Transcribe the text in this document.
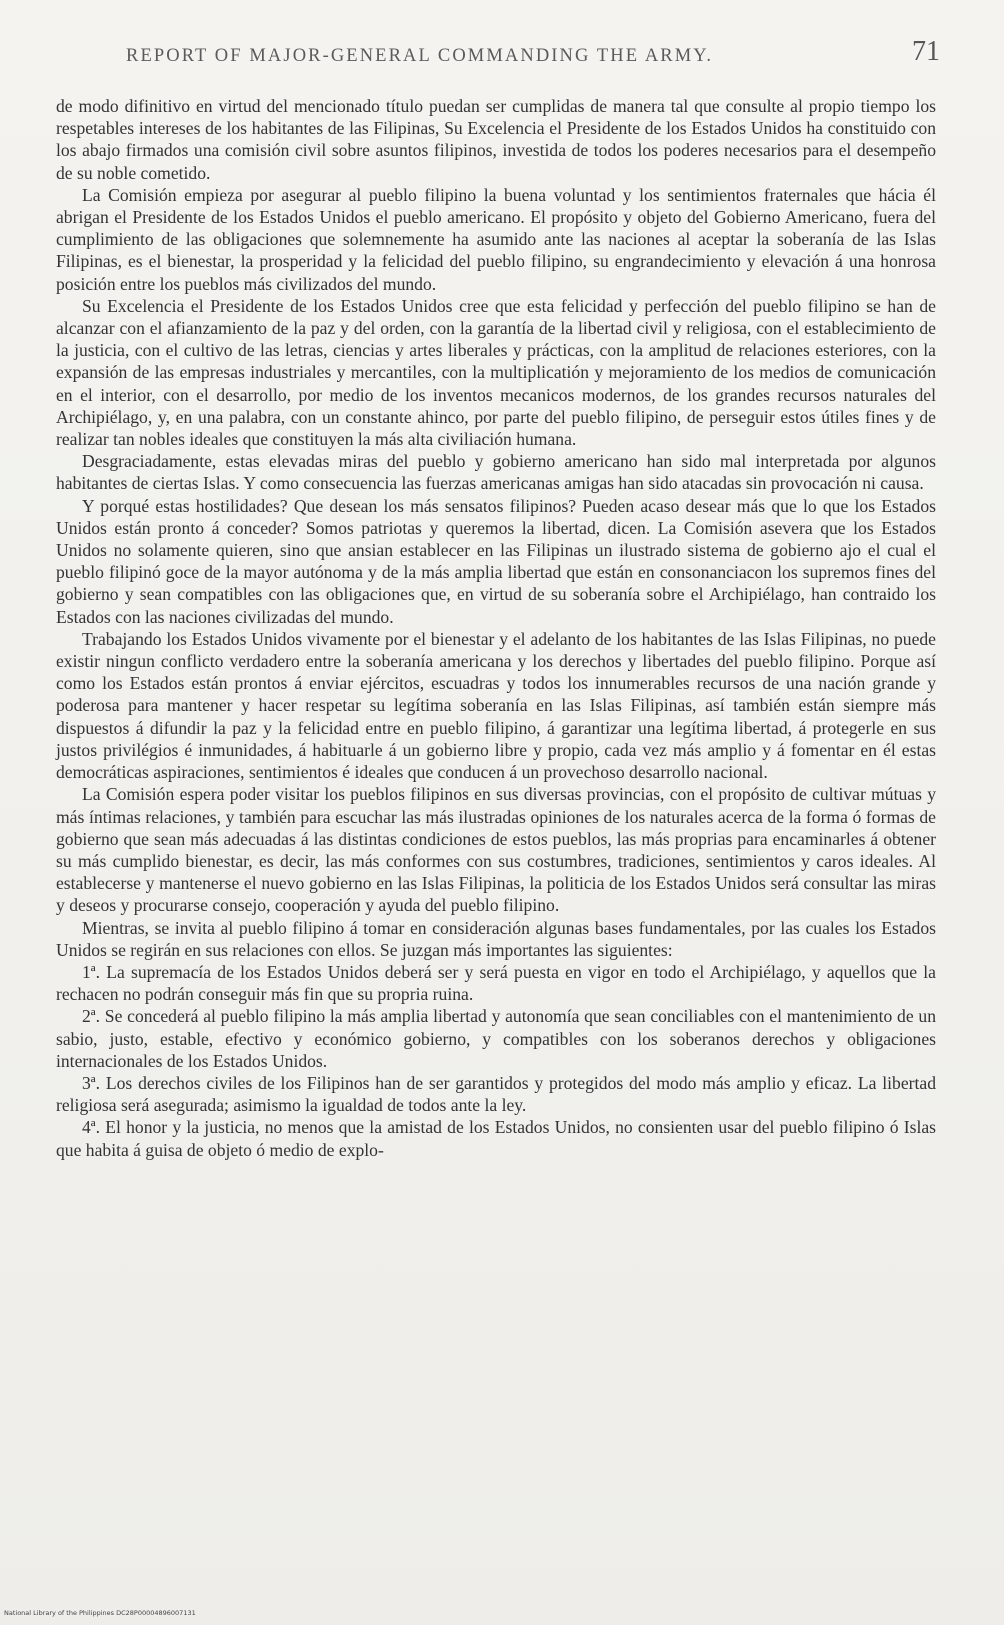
REPORT OF MAJOR-GENERAL COMMANDING THE ARMY.	71

de modo difinitivo en virtud del mencionado título puedan ser cumplidas de manera tal que consulte al propio tiempo los respetables intereses de los habitantes de las Filipinas, Su Excelencia el Presidente de los Estados Unidos ha constituido con los abajo firmados una comisión civil sobre asuntos filipinos, investida de todos los poderes necesarios para el desempeño de su noble cometido.

La Comisión empieza por asegurar al pueblo filipino la buena voluntad y los sentimientos fraternales que hácia él abrigan el Presidente de los Estados Unidos el pueblo americano. El propósito y objeto del Gobierno Americano, fuera del cumplimiento de las obligaciones que solemnemente ha asumido ante las naciones al aceptar la soberanía de las Islas Filipinas, es el bienestar, la prosperidad y la felicidad del pueblo filipino, su engrandecimiento y elevación á una honrosa posición entre los pueblos más civilizados del mundo.

Su Excelencia el Presidente de los Estados Unidos cree que esta felicidad y perfección del pueblo filipino se han de alcanzar con el afianzamiento de la paz y del orden, con la garantía de la libertad civil y religiosa, con el establecimiento de la justicia, con el cultivo de las letras, ciencias y artes liberales y prácticas, con la amplitud de relaciones esteriores, con la expansión de las empresas industriales y mercantiles, con la multiplicatión y mejoramiento de los medios de comunicación en el interior, con el desarrollo, por medio de los inventos mecanicos modernos, de los grandes recursos naturales del Archipiélago, y, en una palabra, con un constante ahinco, por parte del pueblo filipino, de perseguir estos útiles fines y de realizar tan nobles ideales que constituyen la más alta civiliación humana.

Desgraciadamente, estas elevadas miras del pueblo y gobierno americano han sido mal interpretada por algunos habitantes de ciertas Islas. Y como consecuencia las fuerzas americanas amigas han sido atacadas sin provocación ni causa.

Y porqué estas hostilidades? Que desean los más sensatos filipinos? Pueden acaso desear más que lo que los Estados Unidos están pronto á conceder? Somos patriotas y queremos la libertad, dicen. La Comisión asevera que los Estados Unidos no solamente quieren, sino que ansian establecer en las Filipinas un ilustrado sistema de gobierno ajo el cual el pueblo filipinó goce de la mayor autónoma y de la más amplia libertad que están en consonanciacon los supremos fines del gobierno y sean compatibles con las obligaciones que, en virtud de su soberanía sobre el Archipiélago, han contraido los Estados con las naciones civilizadas del mundo.

Trabajando los Estados Unidos vivamente por el bienestar y el adelanto de los habitantes de las Islas Filipinas, no puede existir ningun conflicto verdadero entre la soberanía americana y los derechos y libertades del pueblo filipino. Porque así como los Estados están prontos á enviar ejércitos, escuadras y todos los innumerables recursos de una nación grande y poderosa para mantener y hacer respetar su legítima soberanía en las Islas Filipinas, así también están siempre más dispuestos á difundir la paz y la felicidad entre en pueblo filipino, á garantizar una legítima libertad, á protegerle en sus justos privilégios é inmunidades, á habituarle á un gobierno libre y propio, cada vez más amplio y á fomentar en él estas democráticas aspiraciones, sentimientos é ideales que conducen á un provechoso desarrollo nacional.

La Comisión espera poder visitar los pueblos filipinos en sus diversas provincias, con el propósito de cultivar mútuas y más íntimas relaciones, y también para escuchar las más ilustradas opiniones de los naturales acerca de la forma ó formas de gobierno que sean más adecuadas á las distintas condiciones de estos pueblos, las más proprias para encaminarles á obtener su más cumplido bienestar, es decir, las más conformes con sus costumbres, tradiciones, sentimientos y caros ideales. Al establecerse y mantenerse el nuevo gobierno en las Islas Filipinas, la politicia de los Estados Unidos será consultar las miras y deseos y procurarse consejo, cooperación y ayuda del pueblo filipino.

Mientras, se invita al pueblo filipino á tomar en consideración algunas bases fundamentales, por las cuales los Estados Unidos se regirán en sus relaciones con ellos. Se juzgan más importantes las siguientes:

1ª. La supremacía de los Estados Unidos deberá ser y será puesta en vigor en todo el Archipiélago, y aquellos que la rechacen no podrán conseguir más fin que su propria ruina.

2ª. Se concederá al pueblo filipino la más amplia libertad y autonomía que sean conciliables con el mantenimiento de un sabio, justo, estable, efectivo y económico gobierno, y compatibles con los soberanos derechos y obligaciones internacionales de los Estados Unidos.

3ª. Los derechos civiles de los Filipinos han de ser garantidos y protegidos del modo más amplio y eficaz. La libertad religiosa será asegurada; asimismo la igualdad de todos ante la ley.

4ª. El honor y la justicia, no menos que la amistad de los Estados Unidos, no consienten usar del pueblo filipino ó Islas que habita á guisa de objeto ó medio de explo-

National Library of the Philippines DC28P00004896007131
